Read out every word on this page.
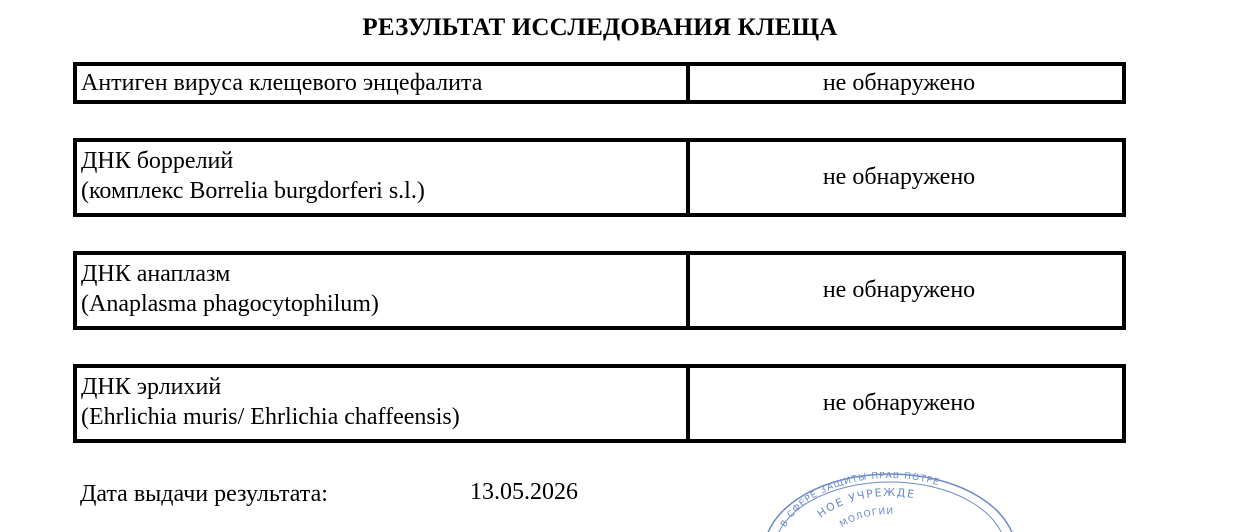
РЕЗУЛЬТАТ ИССЛЕДОВАНИЯ КЛЕЩА
Антиген вируса клещевого энцефалита	не обнаружено
ДНК боррелий
(комплекс Borrelia burgdorferi s.l.)
не обнаружено
ДНК анаплазм
(Anaplasma phagocytophilum)
не обнаружено
ДНК эрлихий
(Ehrlichia muris/ Ehrlichia chaffeensis)
не обнаружено
Дата выдачи результата:	13.05.2026
В СФЕРЕ ЗАЩИТЫ ПРАВ ПОТРЕ
НОЕ УЧРЕЖДЕ
МОЛОГИИ
